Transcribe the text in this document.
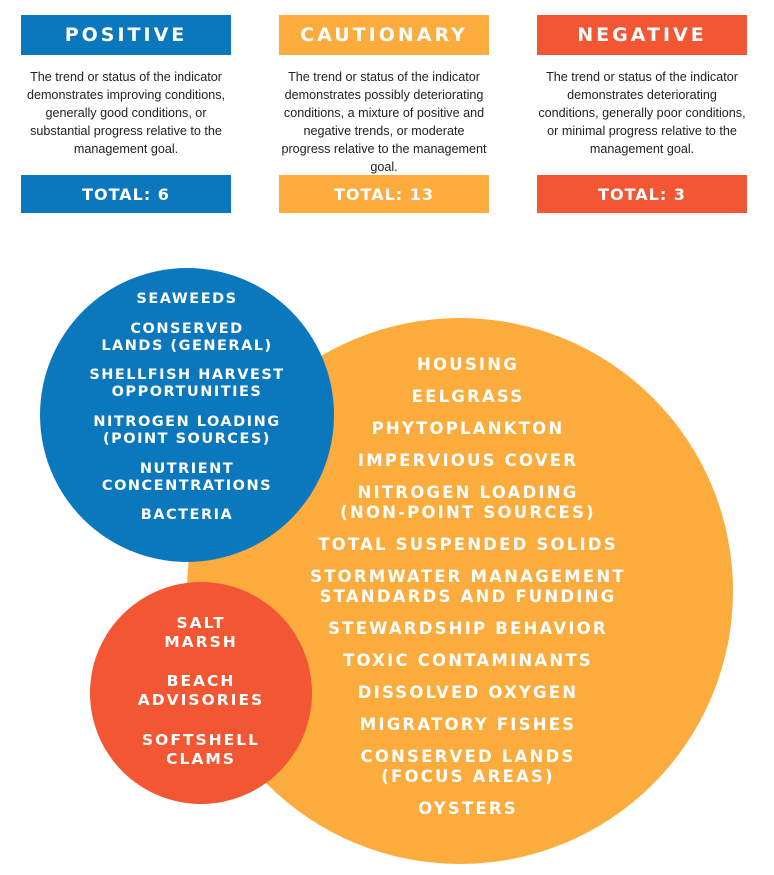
POSITIVE
The trend or status of the indicator demonstrates improving conditions, generally good conditions, or substantial progress relative to the management goal.
TOTAL: 6
CAUTIONARY
The trend or status of the indicator demonstrates possibly deteriorating conditions, a mixture of positive and negative trends, or moderate progress relative to the management goal.
TOTAL: 13
NEGATIVE
The trend or status of the indicator demonstrates deteriorating conditions, generally poor conditions, or minimal progress relative to the management goal.
TOTAL: 3
HOUSING
EELGRASS
PHYTOPLANKTON
IMPERVIOUS COVER
NITROGEN LOADING
(NON-POINT SOURCES)
TOTAL SUSPENDED SOLIDS
STORMWATER MANAGEMENT
STANDARDS AND FUNDING
STEWARDSHIP BEHAVIOR
TOXIC CONTAMINANTS
DISSOLVED OXYGEN
MIGRATORY FISHES
CONSERVED LANDS
(FOCUS AREAS)
OYSTERS
SEAWEEDS
CONSERVED
LANDS (GENERAL)
SHELLFISH HARVEST
OPPORTUNITIES
NITROGEN LOADING
(POINT SOURCES)
NUTRIENT
CONCENTRATIONS
BACTERIA
SALT
MARSH
BEACH
ADVISORIES
SOFTSHELL
CLAMS
